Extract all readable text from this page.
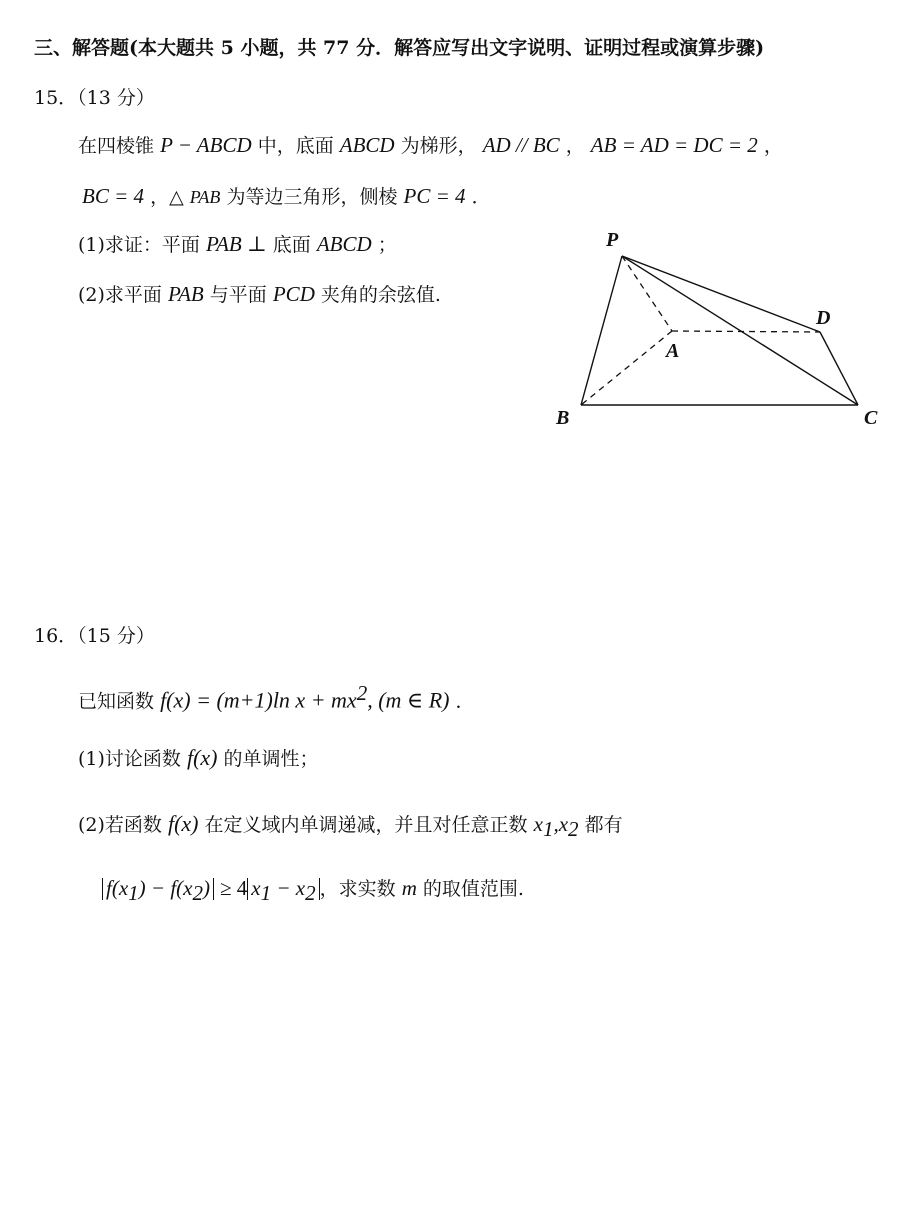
三、解答题(本大题共 5 小题，共 77 分．解答应写出文字说明、证明过程或演算步骤)
15．（13 分）
在四棱锥 P − ABCD 中，底面 ABCD 为梯形， AD // BC ， AB = AD = DC = 2 ，
BC = 4 ，△ PAB 为等边三角形，侧棱 PC = 4 ．
(1)求证：平面 PAB ⊥ 底面 ABCD ；
(2)求平面 PAB 与平面 PCD 夹角的余弦值.
P
A
B	C
D
16．（15 分）
已知函数 f(x) = (m+1)ln $x + mx^2$, (m ∈ R) ．
(1)讨论函数 f(x) 的单调性；
(2)若函数 f(x) 在定义域内单调递减，并且对任意正数 $x_1,x_2$ 都有
$f(x_1) - f(x_2) \ge 4$ $x_1 - x_2$ ，求实数 m 的取值范围.
